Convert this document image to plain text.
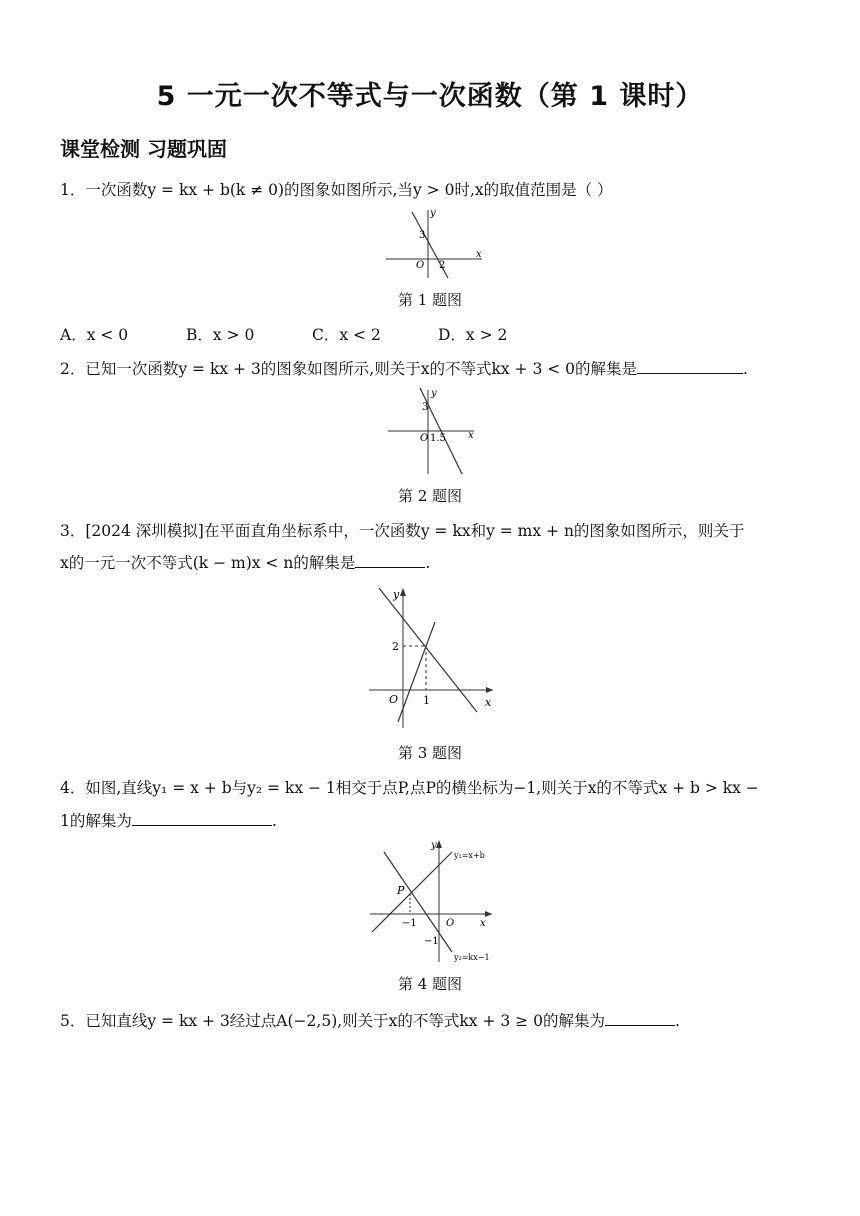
5 一元一次不等式与一次函数（第 1 课时）
课堂检测 习题巩固
1．一次函数y = kx + b(k ≠ 0)的图象如图所示,当y > 0时,x的取值范围是（ ）
y
x
O
3
2
第 1 题图
A．x < 0	B．x > 0	C．x < 2	D．x > 2
2．已知一次函数y = kx + 3的图象如图所示,则关于x的不等式kx + 3 < 0的解集是	.
y
x
O
3
1.5
第 2 题图
3．[2024 深圳模拟]在平面直角坐标系中，一次函数y = kx和y = mx + n的图象如图所示，则关于
x的一元一次不等式(k − m)x < n的解集是	.
y
x
O
2
1
第 3 题图
4．如图,直线y₁ = x + b与y₂ = kx − 1相交于点P,点P的横坐标为−1,则关于x的不等式x + b > kx −
1的解集为	.
y
x
O
P
−1
−1
y₁=x+b
y₂=kx−1
第 4 题图
5．已知直线y = kx + 3经过点A(−2,5),则关于x的不等式kx + 3 ≥ 0的解集为	.
